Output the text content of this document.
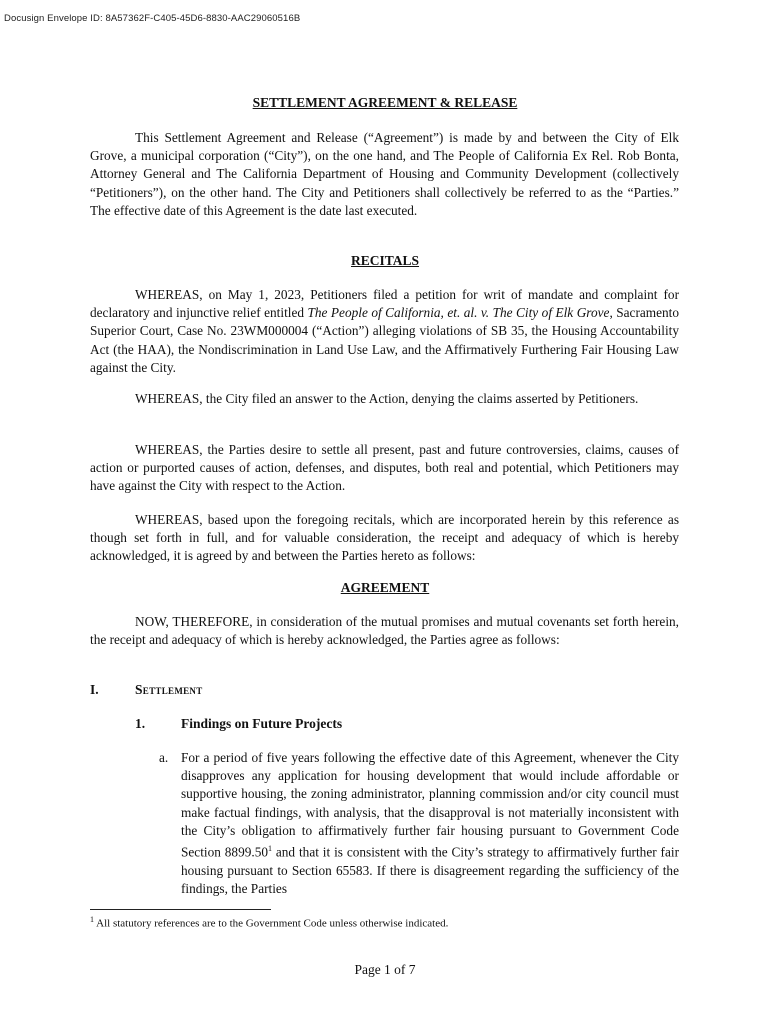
Docusign Envelope ID: 8A57362F-C405-45D6-8830-AAC29060516B
SETTLEMENT AGREEMENT & RELEASE

This Settlement Agreement and Release (“Agreement”) is made by and between the City of Elk Grove, a municipal corporation (“City”), on the one hand, and The People of California Ex Rel. Rob Bonta, Attorney General and The California Department of Housing and Community Development (collectively “Petitioners”), on the other hand. The City and Petitioners shall collectively be referred to as the “Parties.” The effective date of this Agreement is the date last executed.

RECITALS

WHEREAS, on May 1, 2023, Petitioners filed a petition for writ of mandate and complaint for declaratory and injunctive relief entitled The People of California, et. al. v. The City of Elk Grove, Sacramento Superior Court, Case No. 23WM000004 (“Action”) alleging violations of SB 35, the Housing Accountability Act (the HAA), the Nondiscrimination in Land Use Law, and the Affirmatively Furthering Fair Housing Law against the City.

WHEREAS, the City filed an answer to the Action, denying the claims asserted by Petitioners.

WHEREAS, the Parties desire to settle all present, past and future controversies, claims, causes of action or purported causes of action, defenses, and disputes, both real and potential, which Petitioners may have against the City with respect to the Action.

WHEREAS, based upon the foregoing recitals, which are incorporated herein by this reference as though set forth in full, and for valuable consideration, the receipt and adequacy of which is hereby acknowledged, it is agreed by and between the Parties hereto as follows:

AGREEMENT

NOW, THEREFORE, in consideration of the mutual promises and mutual covenants set forth herein, the receipt and adequacy of which is hereby acknowledged, the Parties agree as follows:

I.	Settlement
1.	Findings on Future Projects
a. For a period of five years following the effective date of this Agreement, whenever the City disapproves any application for housing development that would include affordable or supportive housing, the zoning administrator, planning commission and/or city council must make factual findings, with analysis, that the disapproval is not materially inconsistent with the City’s obligation to affirmatively further fair housing pursuant to Government Code Section 8899.50$^1$ and that it is consistent with the City’s strategy to affirmatively further fair housing pursuant to Section 65583. If there is disagreement regarding the sufficiency of the findings, the Parties

$^1$ All statutory references are to the Government Code unless otherwise indicated.
Page 1 of 7
